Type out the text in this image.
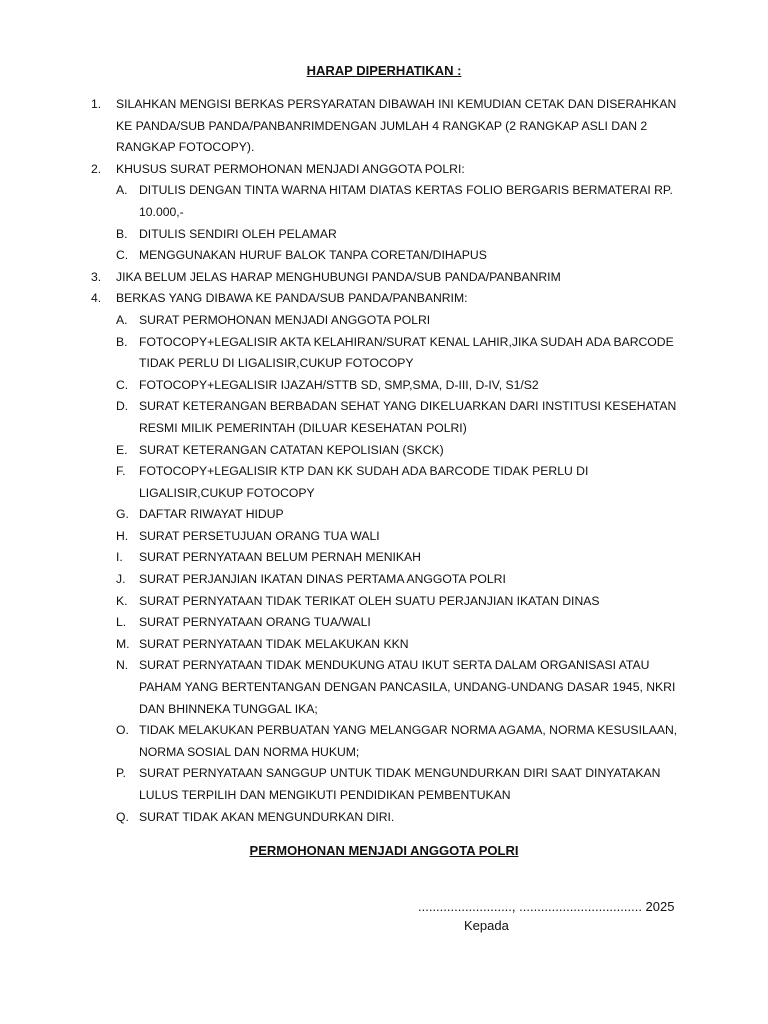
HARAP DIPERHATIKAN :
1.	SILAHKAN MENGISI BERKAS PERSYARATAN DIBAWAH INI KEMUDIAN CETAK DAN DISERAHKAN KE PANDA/SUB PANDA/PANBANRIMDENGAN JUMLAH 4 RANGKAP (2 RANGKAP ASLI DAN 2 RANGKAP FOTOCOPY).
2.	KHUSUS SURAT PERMOHONAN MENJADI ANGGOTA POLRI:
A. DITULIS DENGAN TINTA WARNA HITAM DIATAS KERTAS FOLIO BERGARIS BERMATERAI RP. 10.000,-
B. DITULIS SENDIRI OLEH PELAMAR
C. MENGGUNAKAN HURUF BALOK TANPA CORETAN/DIHAPUS
3.	JIKA BELUM JELAS HARAP MENGHUBUNGI PANDA/SUB PANDA/PANBANRIM
4.	BERKAS YANG DIBAWA KE PANDA/SUB PANDA/PANBANRIM:
A. SURAT PERMOHONAN MENJADI ANGGOTA POLRI
B. FOTOCOPY+LEGALISIR AKTA KELAHIRAN/SURAT KENAL LAHIR,JIKA SUDAH ADA BARCODE TIDAK PERLU DI LIGALISIR,CUKUP FOTOCOPY
C. FOTOCOPY+LEGALISIR IJAZAH/STTB SD, SMP,SMA, D-III, D-IV, S1/S2
D. SURAT KETERANGAN BERBADAN SEHAT YANG DIKELUARKAN DARI INSTITUSI KESEHATAN RESMI MILIK PEMERINTAH (DILUAR KESEHATAN POLRI)
E. SURAT KETERANGAN CATATAN KEPOLISIAN (SKCK)
F.	FOTOCOPY+LEGALISIR KTP DAN KK SUDAH ADA BARCODE TIDAK PERLU DI LIGALISIR,CUKUP FOTOCOPY
G. DAFTAR RIWAYAT HIDUP
H. SURAT PERSETUJUAN ORANG TUA WALI
I.	SURAT PERNYATAAN BELUM PERNAH MENIKAH
J.	SURAT PERJANJIAN IKATAN DINAS PERTAMA ANGGOTA POLRI
K. SURAT PERNYATAAN TIDAK TERIKAT OLEH SUATU PERJANJIAN IKATAN DINAS
L.	SURAT PERNYATAAN ORANG TUA/WALI
M. SURAT PERNYATAAN TIDAK MELAKUKAN KKN
N. SURAT PERNYATAAN TIDAK MENDUKUNG ATAU IKUT SERTA DALAM ORGANISASI ATAU PAHAM YANG BERTENTANGAN DENGAN PANCASILA, UNDANG-UNDANG DASAR 1945, NKRI DAN BHINNEKA TUNGGAL IKA;
O. TIDAK MELAKUKAN PERBUATAN YANG MELANGGAR NORMA AGAMA, NORMA KESUSILAAN, NORMA SOSIAL DAN NORMA HUKUM;
P.	SURAT PERNYATAAN SANGGUP UNTUK TIDAK MENGUNDURKAN DIRI SAAT DINYATAKAN LULUS TERPILIH DAN MENGIKUTI PENDIDIKAN PEMBENTUKAN
Q. SURAT TIDAK AKAN MENGUNDURKAN DIRI.
PERMOHONAN MENJADI ANGGOTA POLRI
.........................., .................................. 2025
Kepada
